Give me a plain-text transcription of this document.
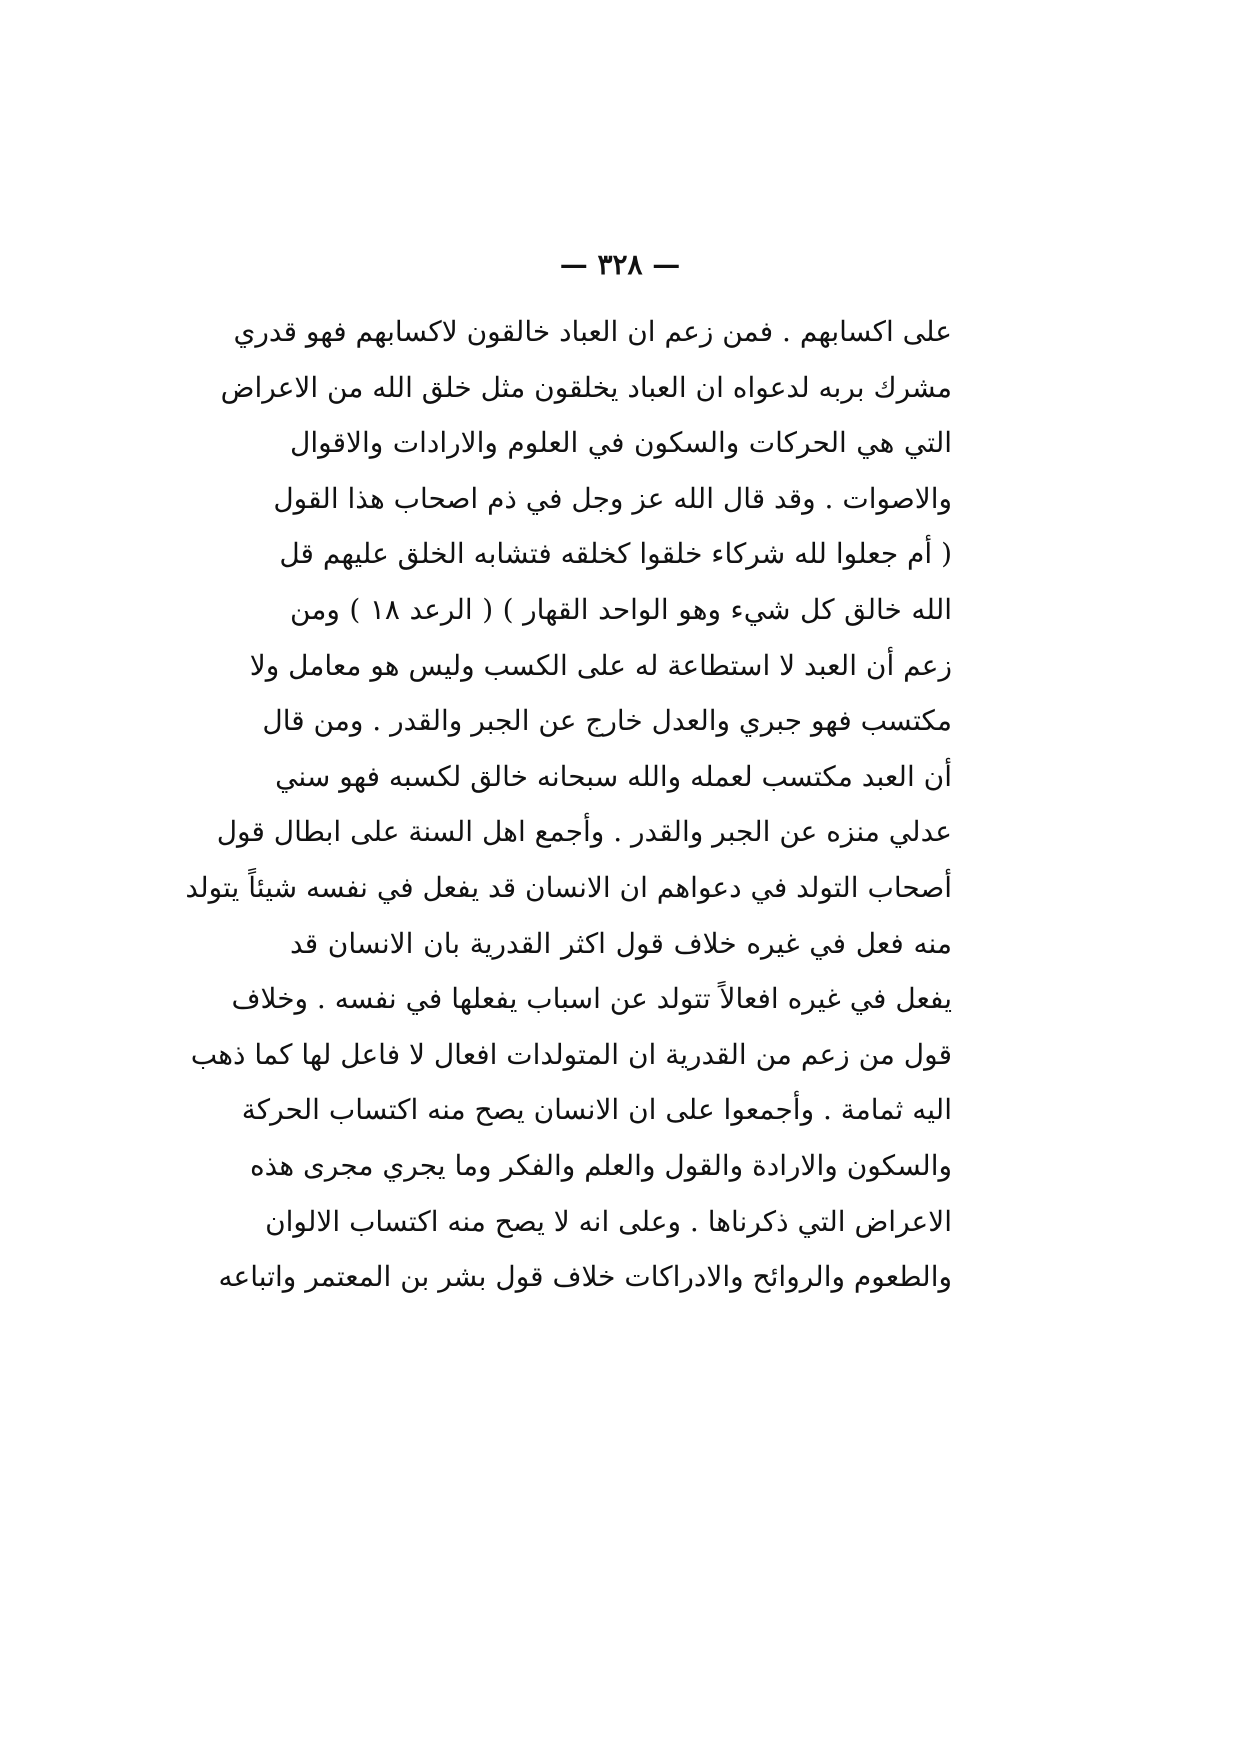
— ٣٢٨ —
على اكسابهم . فمن زعم ان العباد خالقون لاكسابهم فهو قدري
مشرك بربه لدعواه ان العباد يخلقون مثل خلق الله من الاعراض
التي هي الحركات والسكون في العلوم والارادات والاقوال
والاصوات . وقد قال الله عز وجل في ذم اصحاب هذا القول
( أم جعلوا لله شركاء خلقوا كخلقه فتشابه الخلق عليهم قل
الله خالق كل شيء وهو الواحد القهار ) ( الرعد ١٨ ) ومن
زعم أن العبد لا استطاعة له على الكسب وليس هو معامل ولا
مكتسب فهو جبري والعدل خارج عن الجبر والقدر . ومن قال
أن العبد مكتسب لعمله والله سبحانه خالق لكسبه فهو سني
عدلي منزه عن الجبر والقدر . وأجمع اهل السنة على ابطال قول
أصحاب التولد في دعواهم ان الانسان قد يفعل في نفسه شيئاً يتولد
منه فعل في غيره خلاف قول اكثر القدرية بان الانسان قد
يفعل في غيره افعالاً تتولد عن اسباب يفعلها في نفسه . وخلاف
قول من زعم من القدرية ان المتولدات افعال لا فاعل لها كما ذهب
اليه ثمامة . وأجمعوا على ان الانسان يصح منه اكتساب الحركة
والسكون والارادة والقول والعلم والفكر وما يجري مجرى هذه
الاعراض التي ذكرناها . وعلى انه لا يصح منه اكتساب الالوان
والطعوم والروائح والادراكات خلاف قول بشر بن المعتمر واتباعه
